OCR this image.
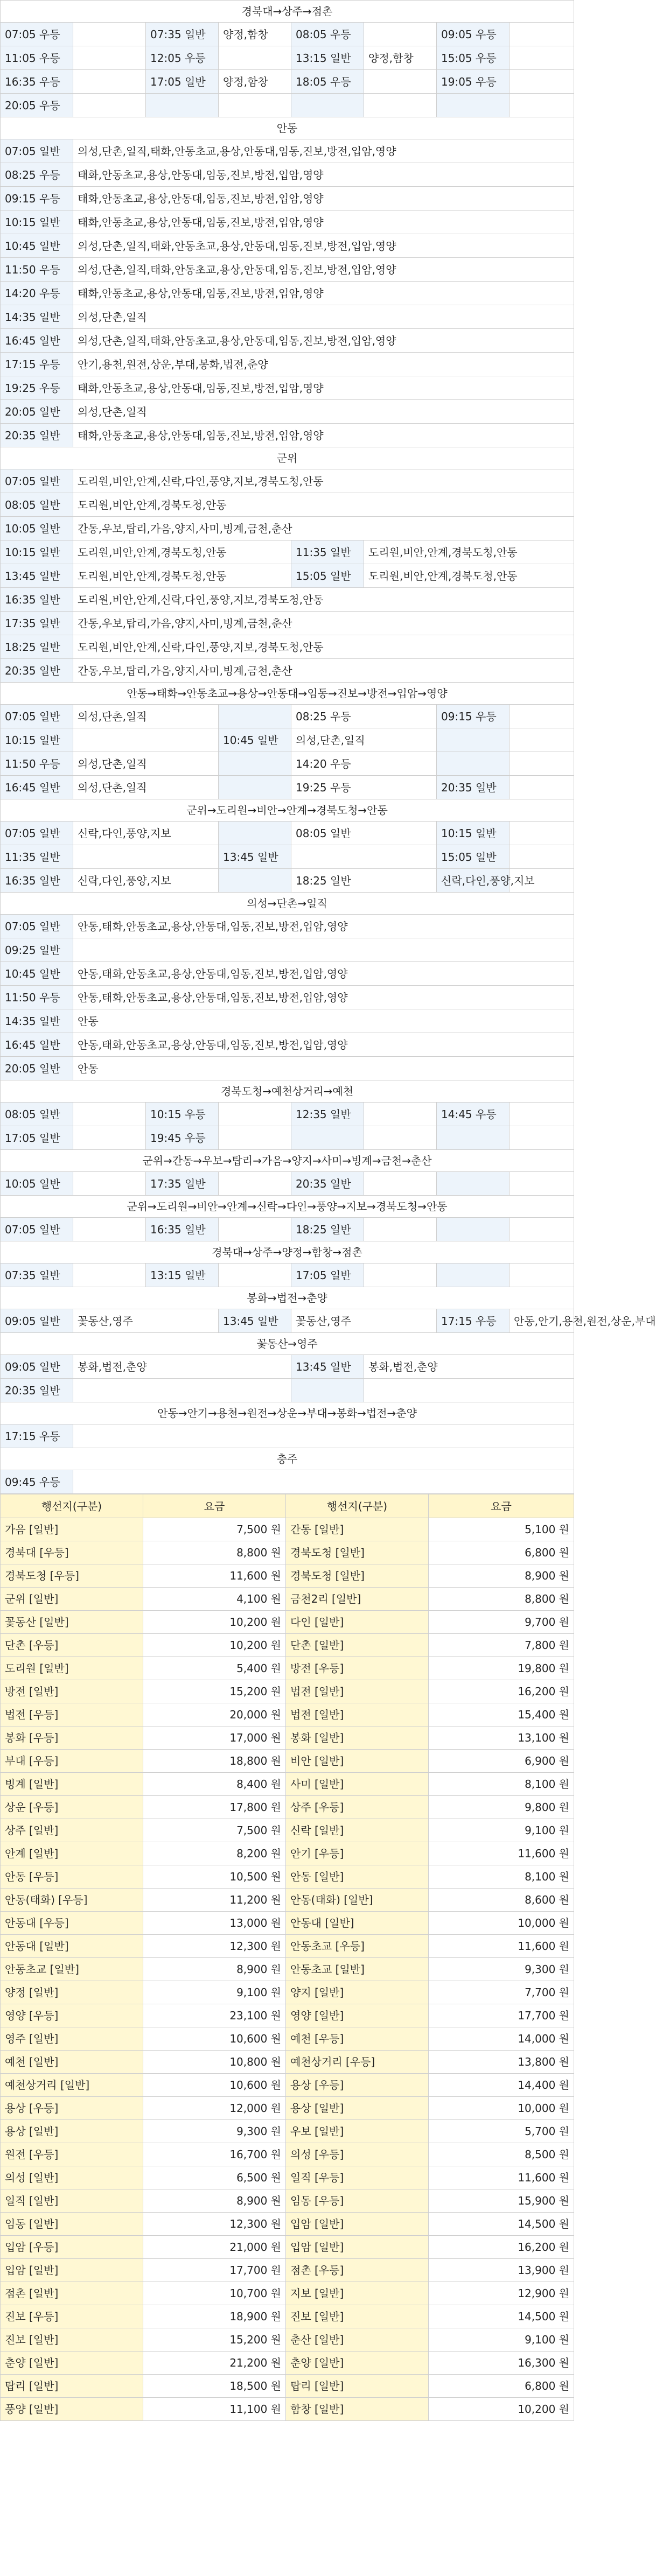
경북대→상주→점촌							
07:05 우등		07:35 일반	양정,함창	08:05 우등		09:05 우등	
11:05 우등		12:05 우등		13:15 일반	양정,함창	15:05 우등	
16:35 우등		17:05 일반	양정,함창	18:05 우등		19:05 우등	
20:05 우등							
안동							
07:05 일반	의성,단촌,일직,태화,안동초교,용상,안동대,임동,진보,방전,입암,영양						
08:25 우등	태화,안동초교,용상,안동대,임동,진보,방전,입암,영양						
09:15 우등	태화,안동초교,용상,안동대,임동,진보,방전,입암,영양						
10:15 일반	태화,안동초교,용상,안동대,임동,진보,방전,입암,영양						
10:45 일반	의성,단촌,일직,태화,안동초교,용상,안동대,임동,진보,방전,입암,영양						
11:50 우등	의성,단촌,일직,태화,안동초교,용상,안동대,임동,진보,방전,입암,영양						
14:20 우등	태화,안동초교,용상,안동대,임동,진보,방전,입암,영양						
14:35 일반	의성,단촌,일직						
16:45 일반	의성,단촌,일직,태화,안동초교,용상,안동대,임동,진보,방전,입암,영양						
17:15 우등	안기,용천,원전,상운,부대,봉화,법전,춘양						
19:25 우등	태화,안동초교,용상,안동대,임동,진보,방전,입암,영양						
20:05 일반	의성,단촌,일직						
20:35 일반	태화,안동초교,용상,안동대,임동,진보,방전,입암,영양						
군위							
07:05 일반	도리원,비안,안계,신락,다인,풍양,지보,경북도청,안동						
08:05 일반	도리원,비안,안계,경북도청,안동						
10:05 일반	간동,우보,탑리,가음,양지,사미,빙계,금천,춘산						
10:15 일반	도리원,비안,안계,경북도청,안동			11:35 일반	도리원,비안,안계,경북도청,안동		
13:45 일반	도리원,비안,안계,경북도청,안동			15:05 일반	도리원,비안,안계,경북도청,안동		
16:35 일반	도리원,비안,안계,신락,다인,풍양,지보,경북도청,안동						
17:35 일반	간동,우보,탑리,가음,양지,사미,빙계,금천,춘산						
18:25 일반	도리원,비안,안계,신락,다인,풍양,지보,경북도청,안동						
20:35 일반	간동,우보,탑리,가음,양지,사미,빙계,금천,춘산						
안동→태화→안동초교→용상→안동대→임동→진보→방전→입암→영양							
07:05 일반	의성,단촌,일직			08:25 우등		09:15 우등	
10:15 일반			10:45 일반	의성,단촌,일직			
11:50 우등	의성,단촌,일직			14:20 우등			
16:45 일반	의성,단촌,일직			19:25 우등		20:35 일반	
군위→도리원→비안→안계→경북도청→안동							
07:05 일반	신락,다인,풍양,지보			08:05 일반		10:15 일반	
11:35 일반			13:45 일반			15:05 일반	
16:35 일반	신락,다인,풍양,지보			18:25 일반		신락,다인,풍양,지보	
의성→단촌→일직							
07:05 일반	안동,태화,안동초교,용상,안동대,임동,진보,방전,입암,영양						
09:25 일반							
10:45 일반	안동,태화,안동초교,용상,안동대,임동,진보,방전,입암,영양						
11:50 우등	안동,태화,안동초교,용상,안동대,임동,진보,방전,입암,영양						
14:35 일반	안동						
16:45 일반	안동,태화,안동초교,용상,안동대,임동,진보,방전,입암,영양						
20:05 일반	안동						
경북도청→예천상거리→예천							
08:05 일반		10:15 우등		12:35 일반		14:45 우등	
17:05 일반		19:45 우등					
군위→간동→우보→탑리→가음→양지→사미→빙계→금천→춘산							
10:05 일반		17:35 일반		20:35 일반			
군위→도리원→비안→안계→신락→다인→풍양→지보→경북도청→안동							
07:05 일반		16:35 일반		18:25 일반			
경북대→상주→양정→함창→점촌							
07:35 일반		13:15 일반		17:05 일반			
봉화→법전→춘양							
09:05 일반	꽃동산,영주		13:45 일반	꽃동산,영주		17:15 우등	안동,안기,용천,원전,상운,부대
꽃동산→영주							
09:05 일반	봉화,법전,춘양			13:45 일반	봉화,법전,춘양		
20:35 일반							
안동→안기→용천→원전→상운→부대→봉화→법전→춘양							
17:15 우등							
충주							
09:45 우등							
행선지(구분)	요금	행선지(구분)	요금
가음 [일반]	7,500 원	간동 [일반]	5,100 원
경북대 [우등]	8,800 원	경북도청 [일반]	6,800 원
경북도청 [우등]	11,600 원	경북도청 [일반]	8,900 원
군위 [일반]	4,100 원	금천2리 [일반]	8,800 원
꽃동산 [일반]	10,200 원	다인 [일반]	9,700 원
단촌 [우등]	10,200 원	단촌 [일반]	7,800 원
도리원 [일반]	5,400 원	방전 [우등]	19,800 원
방전 [일반]	15,200 원	법전 [일반]	16,200 원
법전 [우등]	20,000 원	법전 [일반]	15,400 원
봉화 [우등]	17,000 원	봉화 [일반]	13,100 원
부대 [우등]	18,800 원	비안 [일반]	6,900 원
빙계 [일반]	8,400 원	사미 [일반]	8,100 원
상운 [우등]	17,800 원	상주 [우등]	9,800 원
상주 [일반]	7,500 원	신락 [일반]	9,100 원
안계 [일반]	8,200 원	안기 [우등]	11,600 원
안동 [우등]	10,500 원	안동 [일반]	8,100 원
안동(태화) [우등]	11,200 원	안동(태화) [일반]	8,600 원
안동대 [우등]	13,000 원	안동대 [일반]	10,000 원
안동대 [일반]	12,300 원	안동초교 [우등]	11,600 원
안동초교 [일반]	8,900 원	안동초교 [일반]	9,300 원
양정 [일반]	9,100 원	양지 [일반]	7,700 원
영양 [우등]	23,100 원	영양 [일반]	17,700 원
영주 [일반]	10,600 원	예천 [우등]	14,000 원
예천 [일반]	10,800 원	예천상거리 [우등]	13,800 원
예천상거리 [일반]	10,600 원	용상 [우등]	14,400 원
용상 [우등]	12,000 원	용상 [일반]	10,000 원
용상 [일반]	9,300 원	우보 [일반]	5,700 원
원전 [우등]	16,700 원	의성 [우등]	8,500 원
의성 [일반]	6,500 원	일직 [우등]	11,600 원
일직 [일반]	8,900 원	임동 [우등]	15,900 원
임동 [일반]	12,300 원	입암 [일반]	14,500 원
입암 [우등]	21,000 원	입암 [일반]	16,200 원
입암 [일반]	17,700 원	점촌 [우등]	13,900 원
점촌 [일반]	10,700 원	지보 [일반]	12,900 원
진보 [우등]	18,900 원	진보 [일반]	14,500 원
진보 [일반]	15,200 원	춘산 [일반]	9,100 원
춘양 [일반]	21,200 원	춘양 [일반]	16,300 원
탑리 [일반]	18,500 원	탑리 [일반]	6,800 원
풍양 [일반]	11,100 원	함창 [일반]	10,200 원
